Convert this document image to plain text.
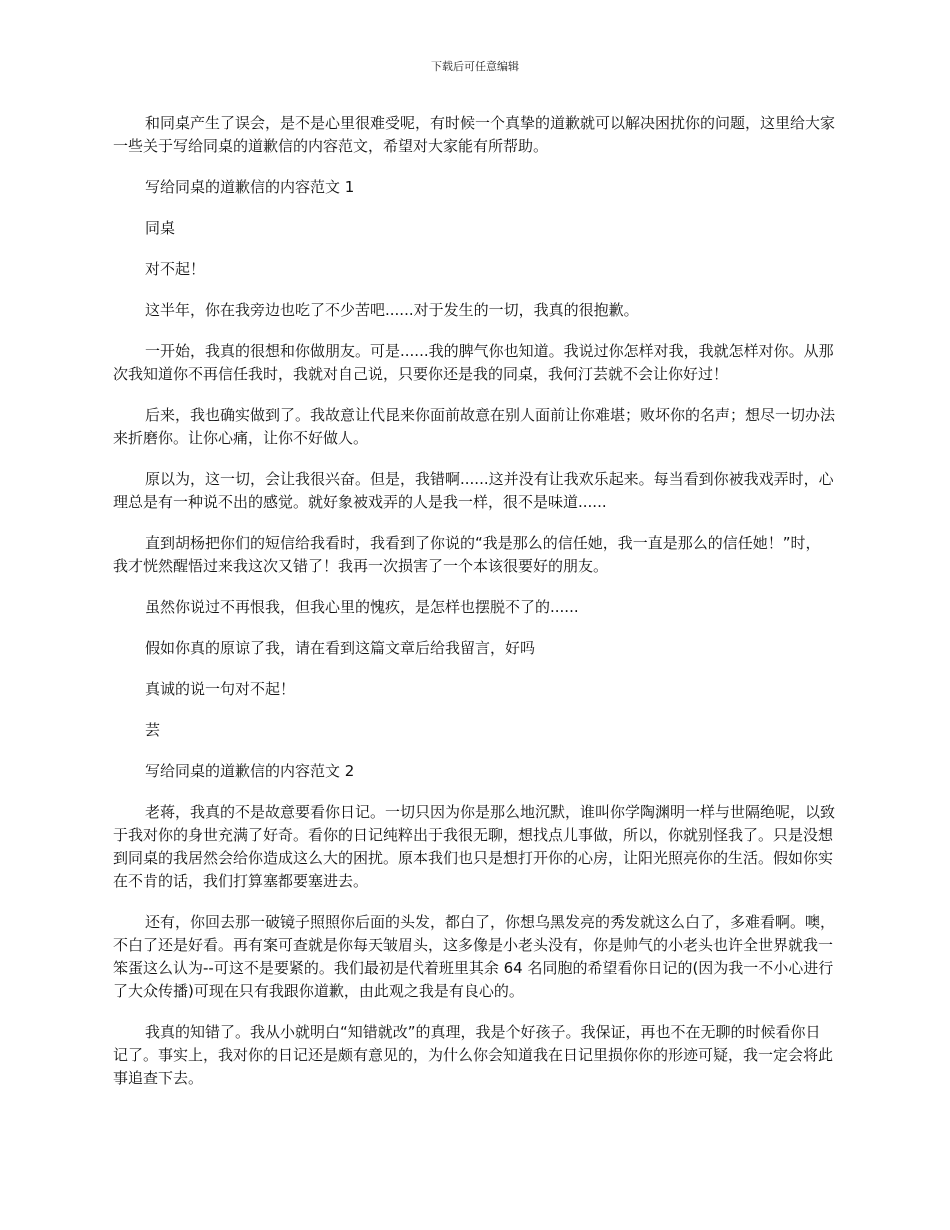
下载后可任意编辑

和同桌产生了误会，是不是心里很难受呢，有时候一个真挚的道歉就可以解决困扰你的问题，这里给大家一些关于写给同桌的道歉信的内容范文，希望对大家能有所帮助。

写给同桌的道歉信的内容范文 1

同桌

对不起！

这半年，你在我旁边也吃了不少苦吧......对于发生的一切，我真的很抱歉。

一开始，我真的很想和你做朋友。可是......我的脾气你也知道。我说过你怎样对我，我就怎样对你。从那次我知道你不再信任我时，我就对自己说，只要你还是我的同桌，我何汀芸就不会让你好过！

后来，我也确实做到了。我故意让代昆来你面前故意在别人面前让你难堪；败坏你的名声；想尽一切办法来折磨你。让你心痛，让你不好做人。

原以为，这一切，会让我很兴奋。但是，我错啊......这并没有让我欢乐起来。每当看到你被我戏弄时，心理总是有一种说不出的感觉。就好象被戏弄的人是我一样，很不是味道......

直到胡杨把你们的短信给我看时，我看到了你说的“我是那么的信任她，我一直是那么的信任她！”时，我才恍然醒悟过来我这次又错了！我再一次损害了一个本该很要好的朋友。

虽然你说过不再恨我，但我心里的愧疚，是怎样也摆脱不了的......

假如你真的原谅了我，请在看到这篇文章后给我留言，好吗

真诚的说一句对不起！

芸

写给同桌的道歉信的内容范文 2

老蒋，我真的不是故意要看你日记。一切只因为你是那么地沉默，谁叫你学陶渊明一样与世隔绝呢，以致于我对你的身世充满了好奇。看你的日记纯粹出于我很无聊，想找点儿事做，所以，你就别怪我了。只是没想到同桌的我居然会给你造成这么大的困扰。原本我们也只是想打开你的心房，让阳光照亮你的生活。假如你实在不肯的话，我们打算塞都要塞进去。

还有，你回去那一破镜子照照你后面的头发，都白了，你想乌黑发亮的秀发就这么白了，多难看啊。噢，不白了还是好看。再有案可查就是你每天皱眉头，这多像是小老头没有，你是帅气的小老头也许全世界就我一笨蛋这么认为--可这不是要紧的。我们最初是代着班里其余 64 名同胞的希望看你日记的(因为我一不小心进行了大众传播)可现在只有我跟你道歉，由此观之我是有良心的。

我真的知错了。我从小就明白“知错就改”的真理，我是个好孩子。我保证，再也不在无聊的时候看你日记了。事实上，我对你的日记还是颇有意见的，为什么你会知道我在日记里损你你的形迹可疑，我一定会将此事追查下去。
